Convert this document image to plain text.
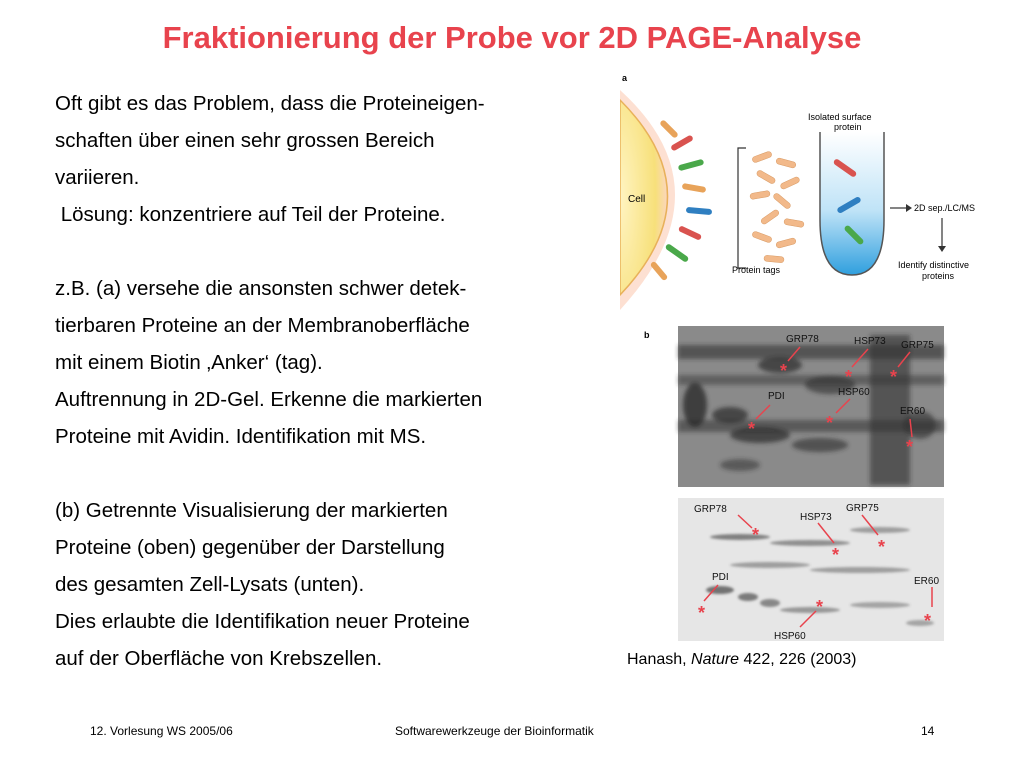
Fraktionierung der Probe vor 2D PAGE-Analyse
Oft gibt es das Problem, dass die Proteineigen-
schaften über einen sehr grossen Bereich
variieren.
Lösung: konzentriere auf Teil der Proteine.
z.B. (a) versehe die ansonsten schwer detek-
tierbaren Proteine an der Membranoberfläche
mit einem Biotin ‚Anker‘ (tag).
Auftrennung in 2D-Gel. Erkenne die markierten
Proteine mit Avidin. Identifikation mit MS.
(b) Getrennte Visualisierung der markierten
Proteine (oben) gegenüber der Darstellung
des gesamten Zell-Lysats (unten).
Dies erlaubte die Identifikation neuer Proteine
auf der Oberfläche von Krebszellen.
a
Cell
Protein tags
Isolated surface
protein
2D sep./LC/MS
Identify distinctive
proteins
b	GRP78	HSP73 GRP75
PDI	HSP60
ER60
*	* *
*	*
*
GRP78
HSP73
GRP75
PDI	ER60
HSP60
*
* *
*	*
*
Hanash, Nature 422, 226 (2003)
12. Vorlesung WS 2005/06	Softwarewerkzeuge der Bioinformatik	14
